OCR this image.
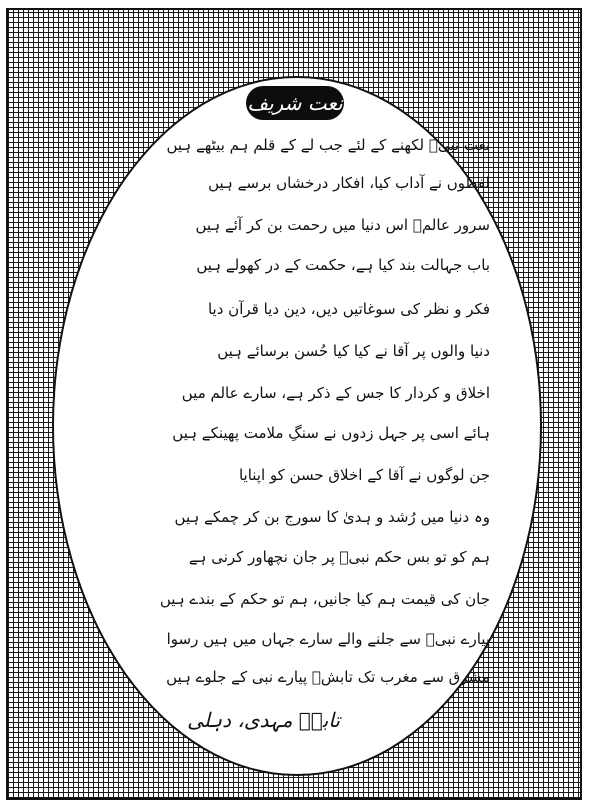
نعت شریف
نعت نبیؐ لکھنے کے لئے جب لے کے قلم ہم بیٹھے ہیں
لفظوں نے آداب کیا، افکار درخشاں برسے ہیں
سرور عالمؐ اس دنیا میں رحمت بن کر آئے ہیں
باب جہالت بند کیا ہے، حکمت کے در کھولے ہیں
فکر و نظر کی سوغاتیں دیں، دین دیا قرآن دیا
دنیا والوں پر آقا نے کیا کیا حُسن برسائے ہیں
اخلاق و کردار کا جس کے ذکر ہے، سارے عالم میں
ہائے اسی پر جہل زدوں نے سنگِ ملامت پھینکے ہیں
جن لوگوں نے آقا کے اخلاق حسن کو اپنایا
وہ دنیا میں رُشد و ہدیٰ کا سورج بن کر چمکے ہیں
ہم کو تو بس حکم نبیؐ پر جان نچھاور کرنی ہے
جان کی قیمت ہم کیا جانیں، ہم تو حکم کے بندے ہیں
پیارے نبیؐ سے جلنے والے سارے جہاں میں ہیں رسوا
مشرق سے مغرب تک تابشؔ پیارے نبی کے جلوے ہیں
تابشؔ مہدی، دہلی
